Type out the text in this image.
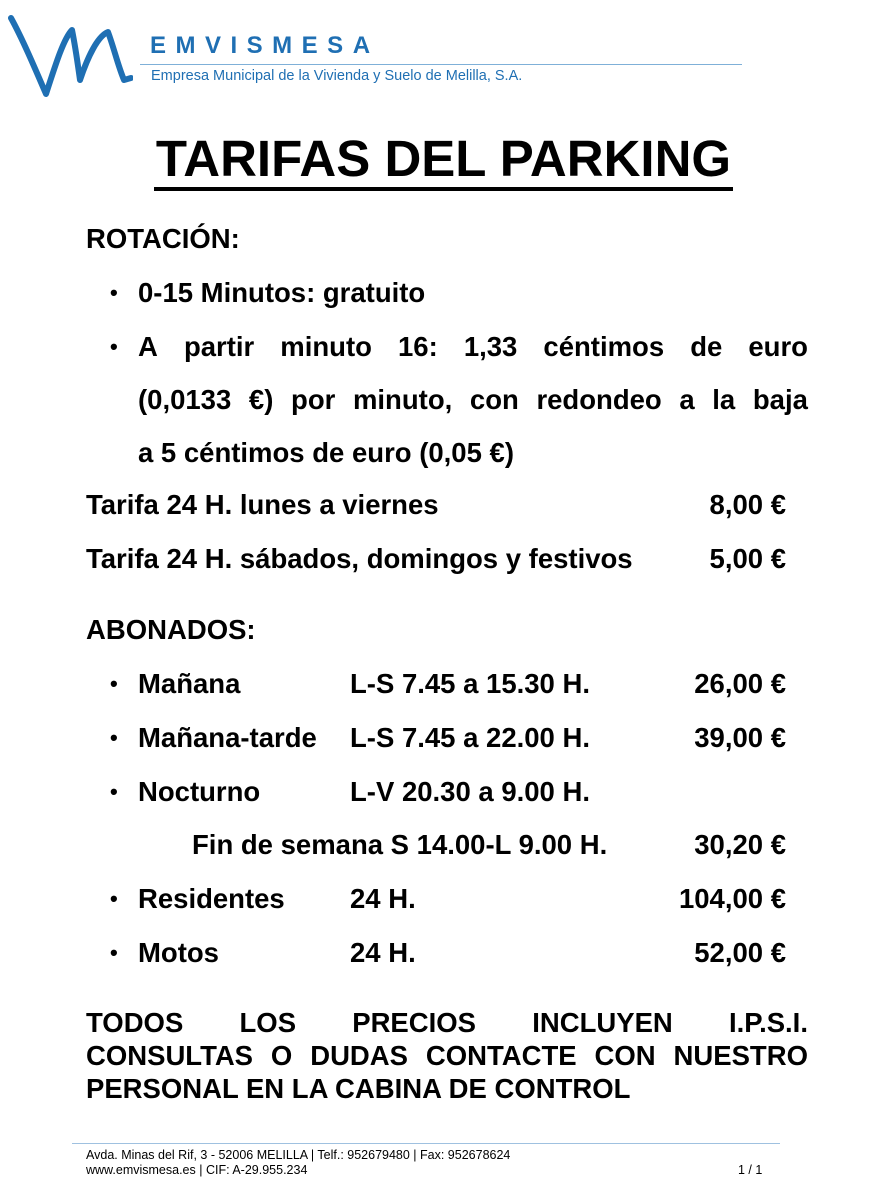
EMVISMESA
Empresa Municipal de la Vivienda y Suelo de Melilla, S.A.
TARIFAS DEL PARKING
ROTACIÓN:
• 0-15 Minutos: gratuito
• A partir minuto 16: 1,33 céntimos de euro
(0,0133 €) por minuto, con redondeo a la baja
a 5 céntimos de euro (0,05 €)
Tarifa 24 H. lunes a viernes	8,00 €
Tarifa 24 H. sábados, domingos y festivos	5,00 €
ABONADOS:
• Mañana	L-S 7.45 a 15.30 H.	26,00 €
• Mañana-tarde L-S 7.45 a 22.00 H.	39,00 €
• Nocturno	L-V 20.30 a 9.00 H.
Fin de semana S 14.00-L 9.00 H.	30,20 €
• Residentes 24 H.	104,00 €
• Motos	24 H.	52,00 €
TODOS LOS PRECIOS INCLUYEN I.P.S.I.
CONSULTAS O DUDAS CONTACTE CON NUESTRO
PERSONAL EN LA CABINA DE CONTROL
Avda. Minas del Rif, 3 - 52006 MELILLA | Telf.: 952679480 | Fax: 952678624
www.emvismesa.es | CIF: A-29.955.234	1 / 1
